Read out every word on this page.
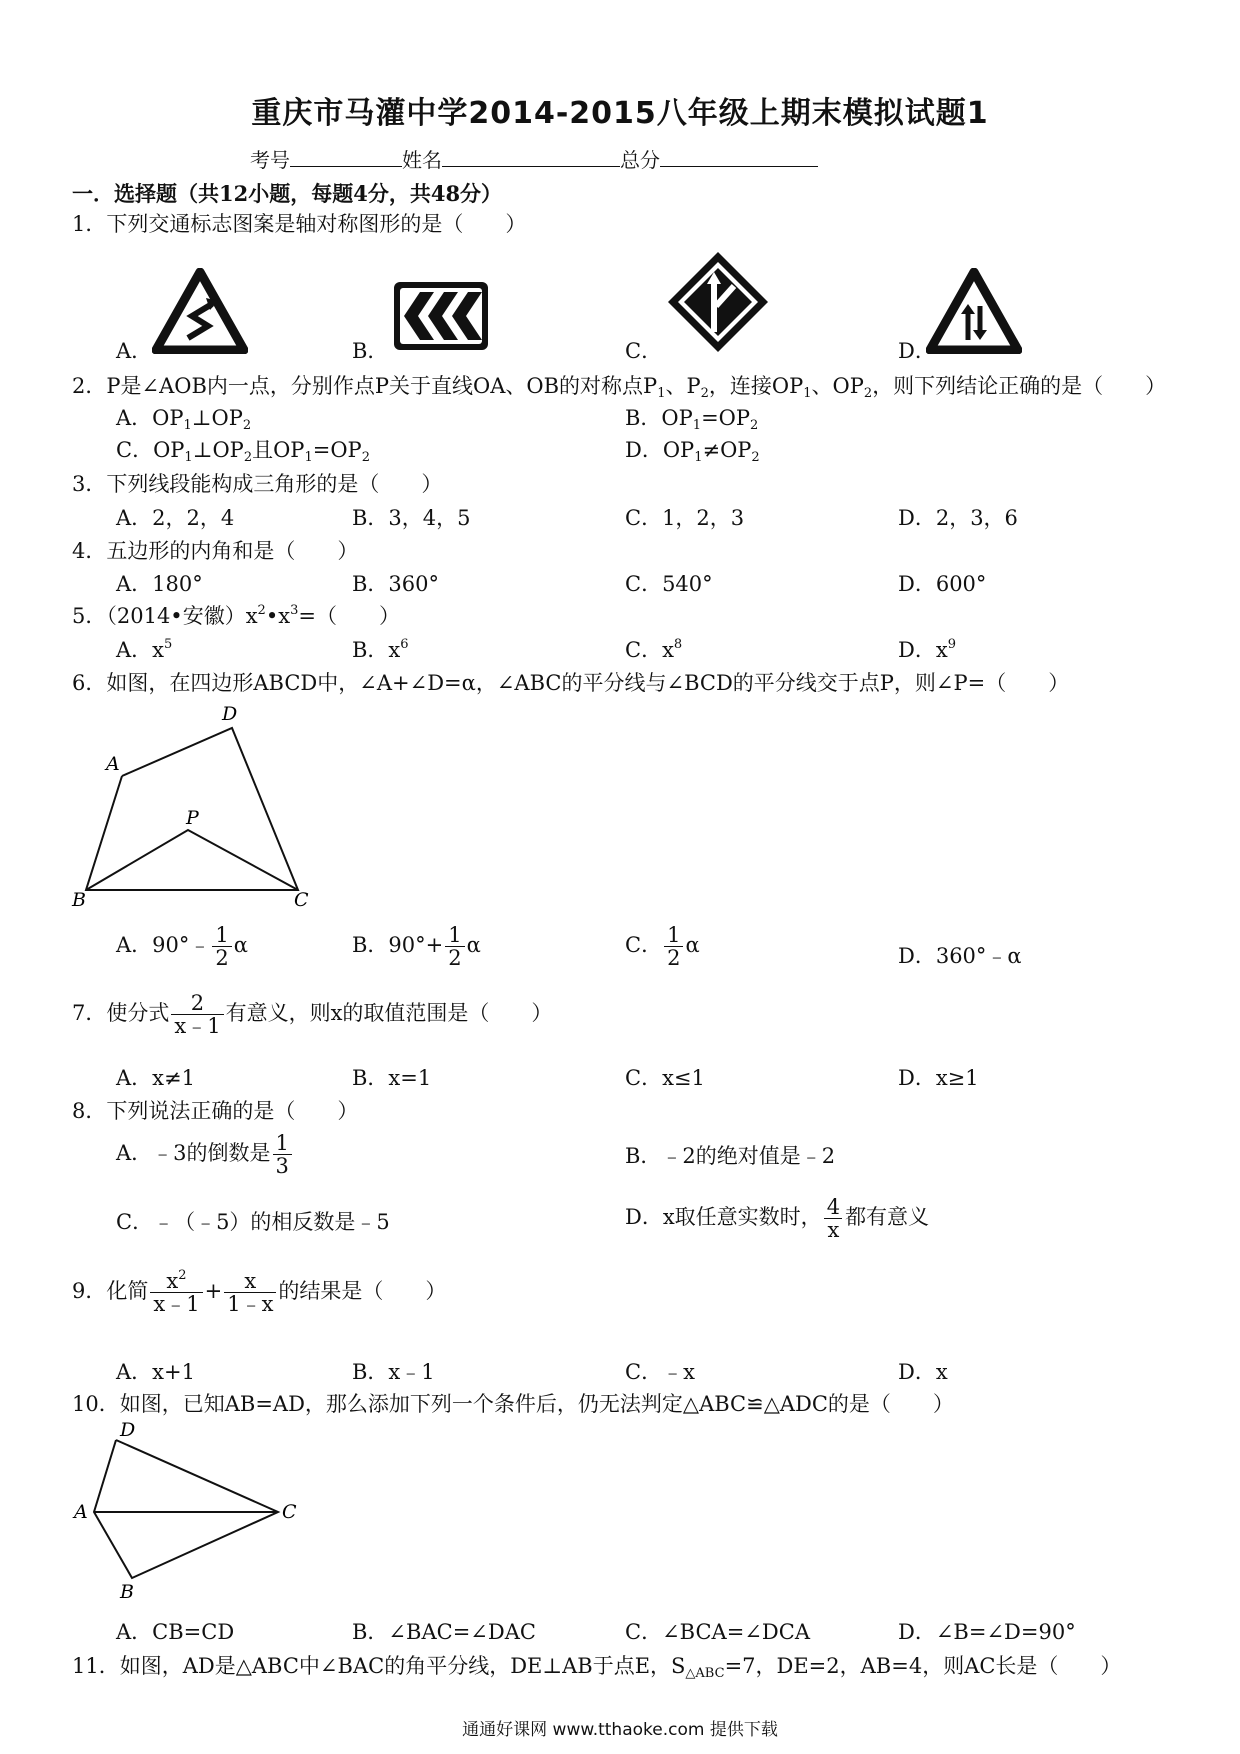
重庆市马灌中学2014-2015八年级上期末模拟试题1
考号	姓名	总分
一．选择题（共12小题，每题4分，共48分）
1．下列交通标志图案是轴对称图形的是（　　）
A．	B．	C．	D．
2．P是∠AOB内一点，分别作点P关于直线OA、OB的对称点$P_1$、$P_2$，连接$OP_1$、$OP_2$，则下列结论正确的是（　　）
A．$OP_1\perp OP_2$	B．$OP_1=OP_2$
C．$OP_1\perp OP_2$且$OP_1=OP_2$	D．$OP_1\ne OP_2$
3．下列线段能构成三角形的是（　　）
A．2，2，4	B．3，4，5	C．1，2，3	D．2，3，6
4．五边形的内角和是（　　）
A．180°	B．360°	C．540°	D．600°
5．（2014•安徽）$x^2•x^3=$（　　）
A．$x^5$	B．$x^6$	C．$x^8$	D．$x^9$
6．如图，在四边形ABCD中，∠A+∠D=α，∠ABC的平分线与∠BCD的平分线交于点P，则∠P=（　　）
A
D
P
B	C
A．90°﹣ $\frac{1}{2}$ α	B．$90^\circ+ \frac{1}{2}$ α	C． $\frac{1}{2}$ α	D．360°﹣α
7．使分式 $\frac{2}{x﹣1}$ 有意义，则x的取值范围是（　　）
A．x≠1	B．x=1	C．x≤1	D．x≥1
8．下列说法正确的是（　　）
A．﹣3的倒数是 $\frac{1}{3}$	B．﹣2的绝对值是﹣2
C．﹣（﹣5）的相反数是﹣5	D．x取任意实数时， $\frac{4}{x}$ 都有意义
9．化简 $\frac{x^2}{x﹣1} + \frac{x}{1﹣x}$ 的结果是（　　）
A．x+1	B．x﹣1	C．﹣x	D．x
10．如图，已知AB=AD，那么添加下列一个条件后，仍无法判定△ABC≌△ADC的是（　　）
D
A	C
B
A．CB=CD	B．∠BAC=∠DAC	C．∠BCA=∠DCA	D．∠B=∠D=90°
11．如图，AD是△ABC中∠BAC的角平分线，DE⊥AB于点E，$S_{\triangle ABC}=7$，DE=2，AB=4，则AC长是（　　）
通通好课网 www.tthaoke.com 提供下载
